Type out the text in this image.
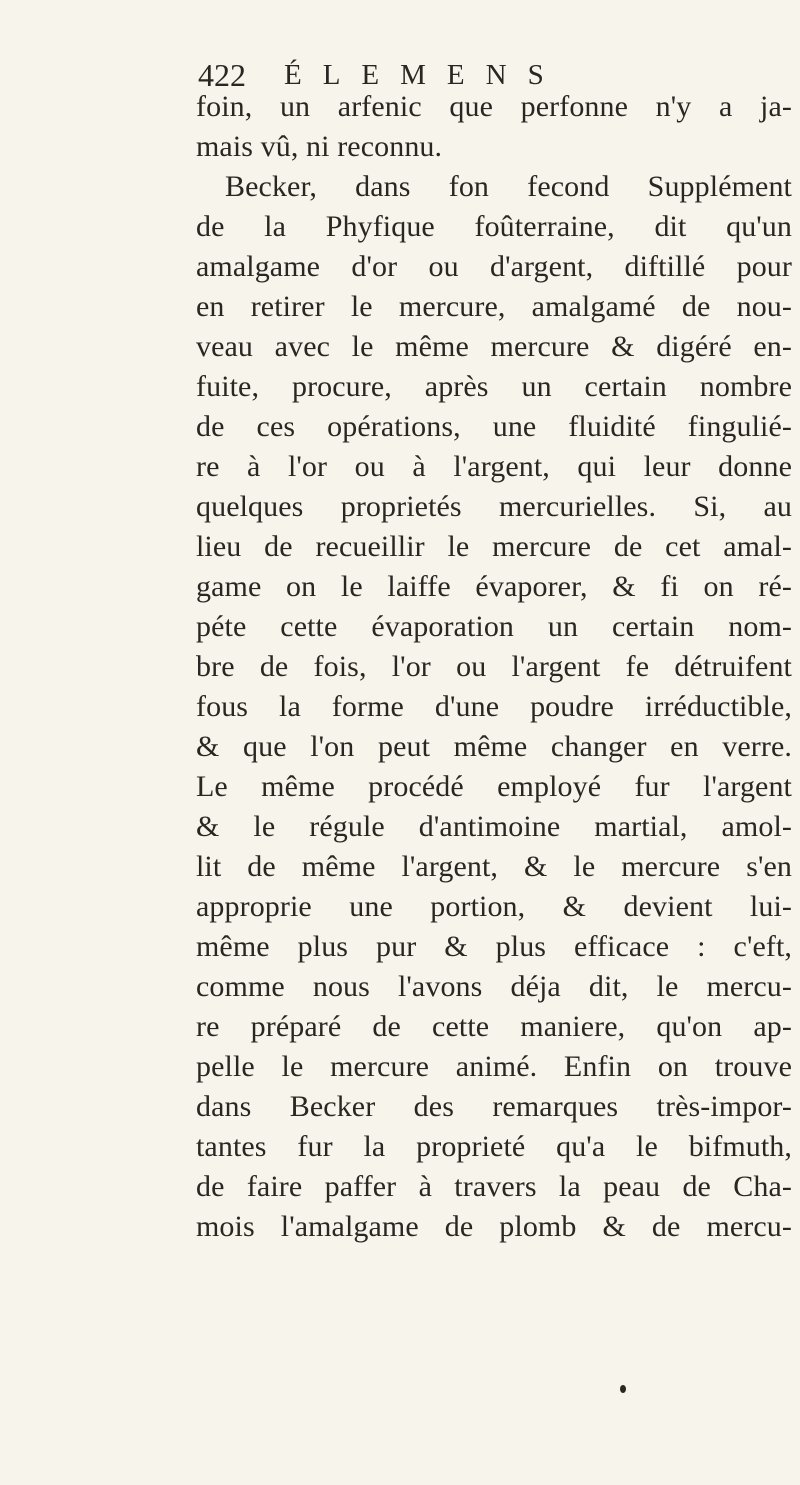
422 ÉLEMENS
foin, un arfenic que perfonne n'y a ja-
mais vû, ni reconnu.
Becker, dans fon fecond Supplément
de la Phyfique foûterraine, dit qu'un
amalgame d'or ou d'argent, diftillé pour
en retirer le mercure, amalgamé de nou-
veau avec le même mercure & digéré en-
fuite, procure, après un certain nombre
de ces opérations, une fluidité fingulié-
re à l'or ou à l'argent, qui leur donne
quelques proprietés mercurielles. Si, au
lieu de recueillir le mercure de cet amal-
game on le laiffe évaporer, & fi on ré-
péte cette évaporation un certain nom-
bre de fois, l'or ou l'argent fe détruifent
fous la forme d'une poudre irréductible,
& que l'on peut même changer en verre.
Le même procédé employé fur l'argent
& le régule d'antimoine martial, amol-
lit de même l'argent, & le mercure s'en
approprie une portion, & devient lui-
même plus pur & plus efficace : c'eft,
comme nous l'avons déja dit, le mercu-
re préparé de cette maniere, qu'on ap-
pelle le mercure animé. Enfin on trouve
dans Becker des remarques très-impor-
tantes fur la proprieté qu'a le bifmuth,
de faire paffer à travers la peau de Cha-
mois l'amalgame de plomb & de mercu-
